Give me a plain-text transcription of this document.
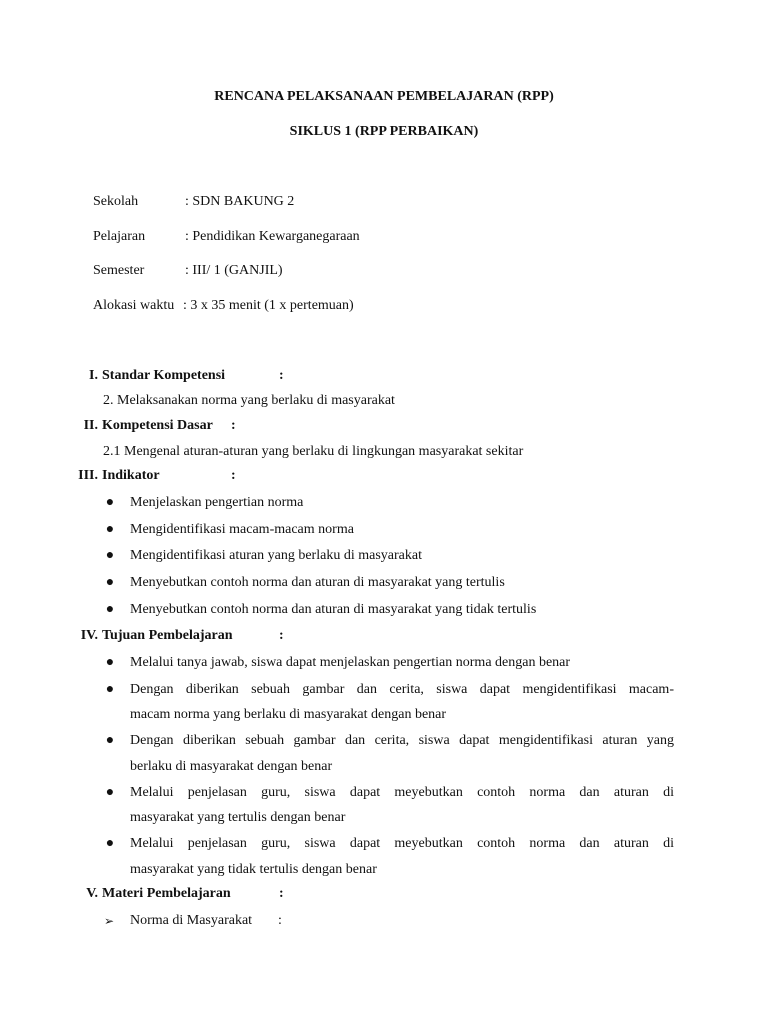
RENCANA PELAKSANAAN PEMBELAJARAN (RPP)
SIKLUS 1 (RPP PERBAIKAN)
Sekolah	: SDN BAKUNG 2
Pelajaran	: Pendidikan Kewarganegaraan
Semester	: III/ 1 (GANJIL)
Alokasi waktu : 3 x 35 menit (1 x pertemuan)
I. Standar Kompetensi	:
2. Melaksanakan norma yang berlaku di masyarakat
II. Kompetensi Dasar :
2.1 Mengenal aturan-aturan yang berlaku di lingkungan masyarakat sekitar
III. Indikator	:
● Menjelaskan pengertian norma
● Mengidentifikasi macam-macam norma
● Mengidentifikasi aturan yang berlaku di masyarakat
● Menyebutkan contoh norma dan aturan di masyarakat yang tertulis
● Menyebutkan contoh norma dan aturan di masyarakat yang tidak tertulis
IV. Tujuan Pembelajaran	:
● Melalui tanya jawab, siswa dapat menjelaskan pengertian norma dengan benar
● Dengan diberikan sebuah gambar dan cerita, siswa dapat mengidentifikasi macam-
macam norma yang berlaku di masyarakat dengan benar
● Dengan diberikan sebuah gambar dan cerita, siswa dapat mengidentifikasi aturan yang
berlaku di masyarakat dengan benar
● Melalui penjelasan guru, siswa dapat meyebutkan contoh norma dan aturan di
masyarakat yang tertulis dengan benar
● Melalui penjelasan guru, siswa dapat meyebutkan contoh norma dan aturan di
masyarakat yang tidak tertulis dengan benar
V. Materi Pembelajaran	:
➢ Norma di Masyarakat :
